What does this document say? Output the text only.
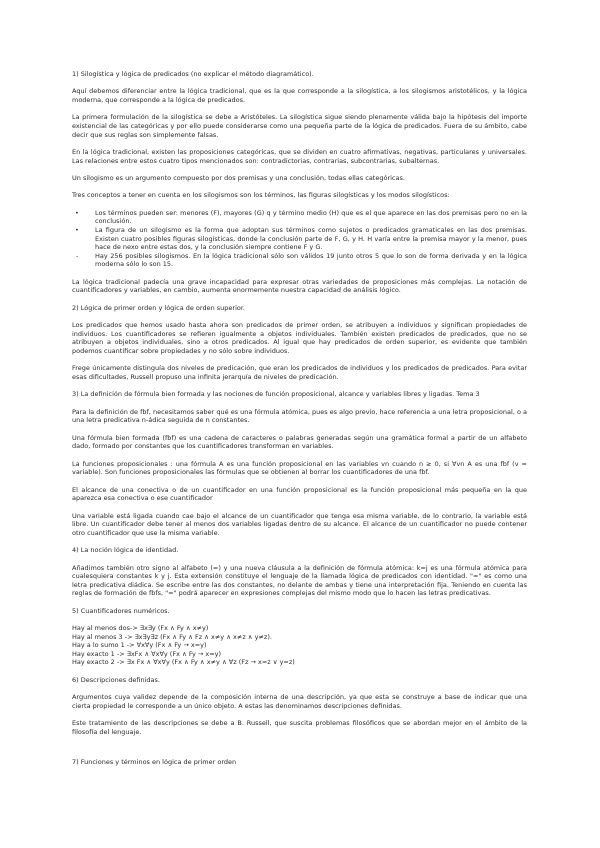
1) Silogística y lógica de predicados (no explicar el método diagramático).

Aquí debemos diferenciar entre la lógica tradicional, que es la que corresponde a la silogística, a los silogismos aristotélicos, y la lógica moderna, que corresponde a la lógica de predicados.

La primera formulación de la silogística se debe a Aristóteles. La silogística sigue siendo plenamente válida bajo la hipótesis del importe existencial de las categóricas y por ello puede considerarse como una pequeña parte de la lógica de predicados. Fuera de su ámbito, cabe decir que sus reglas son simplemente falsas.

En la lógica tradicional, existen las proposiciones categóricas, que se dividen en cuatro afirmativas, negativas, particulares y universales. Las relaciones entre estos cuatro tipos mencionados son: contradictorias, contrarias, subcontrarias, subalternas.

Un silogismo es un argumento compuesto por dos premisas y una conclusión, todas ellas categóricas.

Tres conceptos a tener en cuenta en los silogismos son los términos, las figuras silogísticas y los modos silogísticos:

• Los términos pueden ser: menores (F), mayores (G) q y término medio (H) que es el que aparece en las dos premisas pero no en la conclusión.
• La figura de un silogismo es la forma que adoptan sus términos como sujetos o predicados gramaticales en las dos premisas. Existen cuatro posibles figuras silogísticas, donde la conclusión parte de F, G, y H. H varía entre la premisa mayor y la menor, pues hace de nexo entre estas dos, y la conclusión siempre contiene F y G.
- Hay 256 posibles silogismos. En la lógica tradicional sólo son válidos 19 junto otros 5 que lo son de forma derivada y en la lógica moderna sólo lo son 15.

La lógica tradicional padecía una grave incapacidad para expresar otras variedades de proposiciones más complejas. La notación de cuantificadores y variables, en cambio, aumenta enormemente nuestra capacidad de análisis lógico.

2) Lógica de primer orden y lógica de orden superior.

Los predicados que hemos usado hasta ahora son predicados de primer orden, se atribuyen a individuos y significan propiedades de individuos. Los cuantificadores se refieren igualmente a objetos individuales. También existen predicados de predicados, que no se atribuyen a objetos individuales, sino a otros predicados. Al igual que hay predicados de orden superior, es evidente que también podemos cuantificar sobre propiedades y no sólo sobre individuos.

Frege únicamente distinguía dos niveles de predicación, que eran los predicados de individuos y los predicados de predicados. Para evitar esas dificultades, Russell propuso una infinita jerarquía de niveles de predicación.

3) La definición de fórmula bien formada y las nociones de función proposicional, alcance y variables libres y ligadas. Tema 3

Para la definición de fbf, necesitamos saber qué es una fórmula atómica, pues es algo previo, hace referencia a una letra proposicional, o a una letra predicativa n-ádica seguida de n constantes.

Una fórmula bien formada (fbf) es una cadena de caracteres o palabras generadas según una gramática formal a partir de un alfabeto dado, formado por constantes que los cuantificadores transforman en variables.

La funciones proposicionales : una fórmula A es una función proposicional en las variables vn cuando n ≥ 0, si ∀vn A es una fbf (v = variable). Son funciones proposicionales las fórmulas que se obtienen al borrar los cuantificadores de una fbf.

El alcance de una conectiva o de un cuantificador en una función proposicional es la función proposicional más pequeña en la que aparezca esa conectiva o ese cuantificador

Una variable está ligada cuando cae bajo el alcance de un cuantificador que tenga esa misma variable, de lo contrario, la variable está libre. Un cuantificador debe tener al menos dos variables ligadas dentro de su alcance. El alcance de un cuantificador no puede contener otro cuantificador que use la misma variable.

4) La noción lógica de identidad.

Añadimos también otro signo al alfabeto (=) y una nueva cláusula a la definición de fórmula atómica: k=j es una fórmula atómica para cualesquiera constantes k y j. Esta extensión constituye el lenguaje de la llamada lógica de predicados con identidad. "=" es como una letra predicativa diádica. Se escribe entre las dos constantes, no delante de ambas y tiene una interpretación fija. Teniendo en cuenta las reglas de formación de fbfs, "=" podrá aparecer en expresiones complejas del mismo modo que lo hacen las letras predicativas.

5) Cuantificadores numéricos.

Hay al menos dos-> ∃x∃y (Fx ∧ Fy ∧ x≠y)
Hay al menos 3 -> ∃x∃y∃z (Fx ∧ Fy ∧ Fz ∧ x≠y ∧ x≠z ∧ y≠z).
Hay a lo sumo 1 -> ∀x∀y (Fx ∧ Fy → x=y)
Hay exacto 1 -> ∃xFx ∧ ∀x∀y (Fx ∧ Fy → x=y)
Hay exacto 2 -> ∃x Fx ∧ ∀x∀y (Fx ∧ Fy ∧ x≠y ∧ ∀z (Fz → x=z ∨ y=z)

6) Descripciones definidas.

Argumentos cuya validez depende de la composición interna de una descripción, ya que esta se construye a base de indicar que una cierta propiedad le corresponde a un único objeto. A estas las denominamos descripciones definidas.

Este tratamiento de las descripciones se debe a B. Russell, que suscita problemas filosóficos que se abordan mejor en el ámbito de la filosofía del lenguaje.

7) Funciones y términos en lógica de primer orden
